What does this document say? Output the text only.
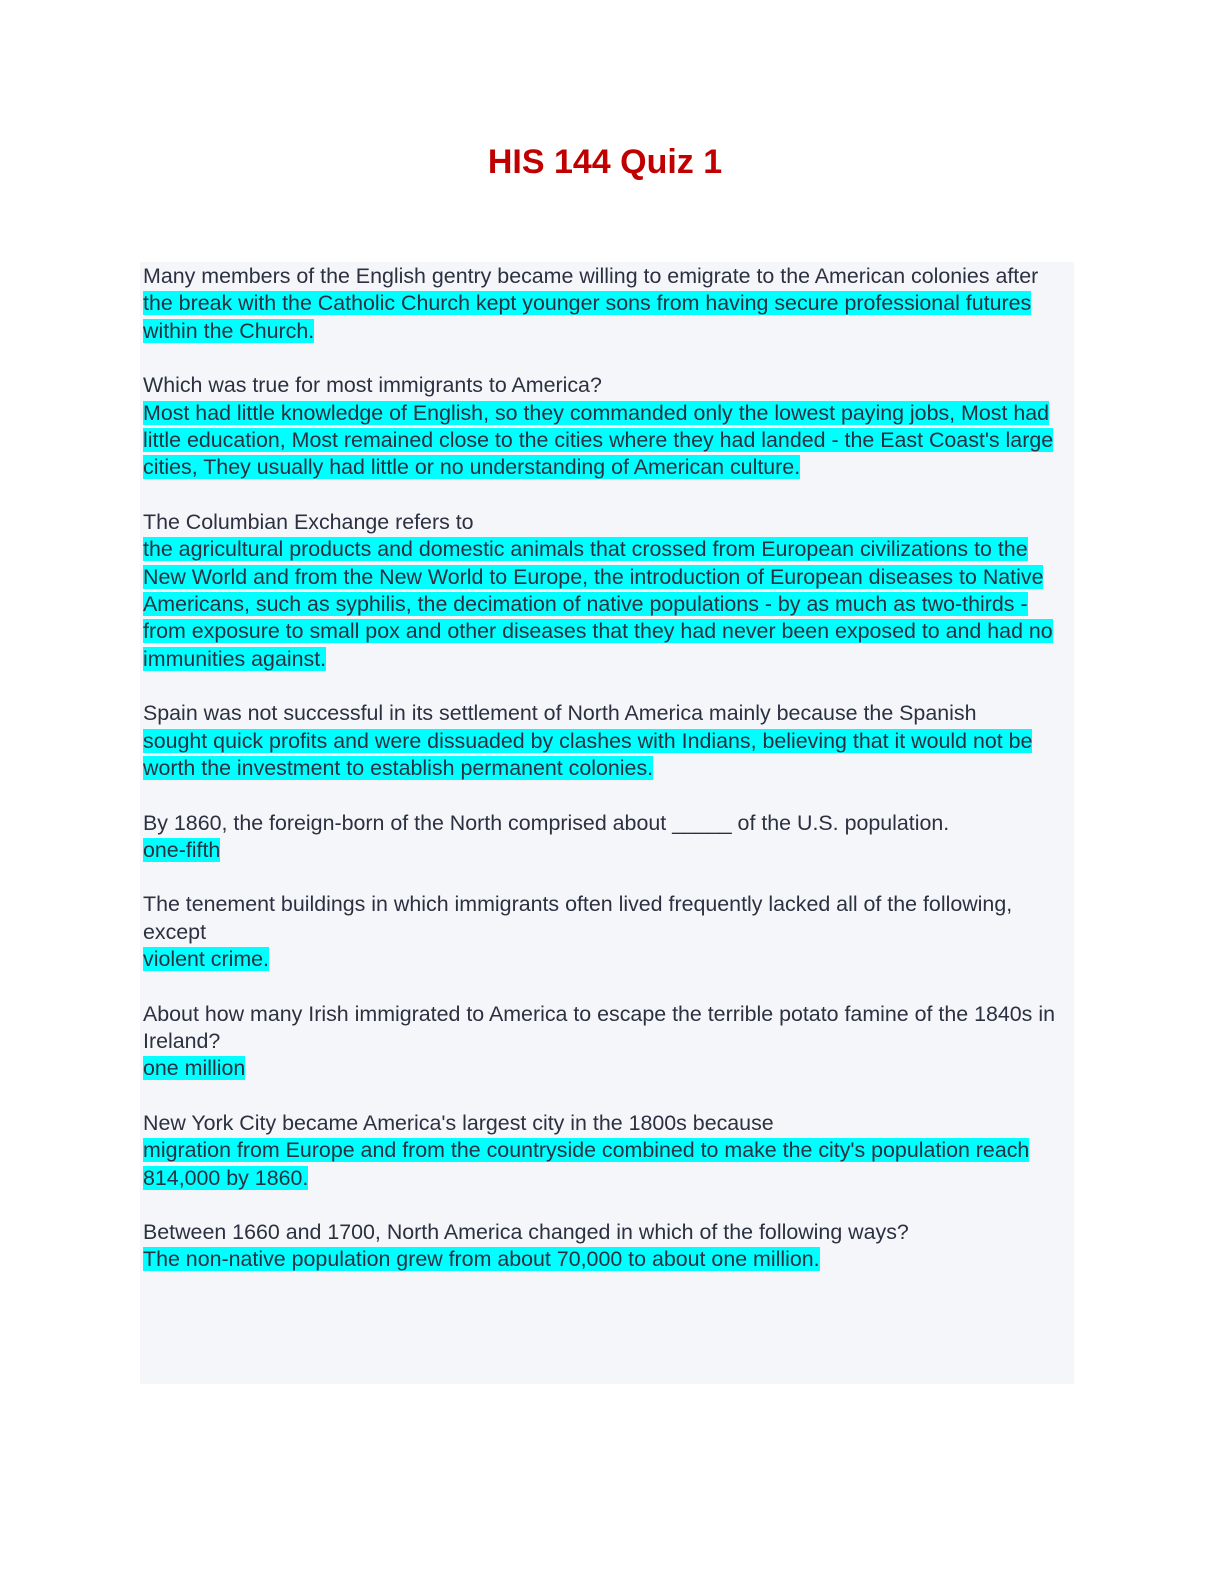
HIS 144 Quiz 1
Many members of the English gentry became willing to emigrate to the American colonies after
the break with the Catholic Church kept younger sons from having secure professional futures within the Church.
Which was true for most immigrants to America?
Most had little knowledge of English, so they commanded only the lowest paying jobs, Most had little education, Most remained close to the cities where they had landed - the East Coast's large cities, They usually had little or no understanding of American culture.
The Columbian Exchange refers to
the agricultural products and domestic animals that crossed from European civilizations to the New World and from the New World to Europe, the introduction of European diseases to Native Americans, such as syphilis, the decimation of native populations - by as much as two-thirds - from exposure to small pox and other diseases that they had never been exposed to and had no immunities against.
Spain was not successful in its settlement of North America mainly because the Spanish
sought quick profits and were dissuaded by clashes with Indians, believing that it would not be worth the investment to establish permanent colonies.
By 1860, the foreign-born of the North comprised about _____ of the U.S. population.
one-fifth
The tenement buildings in which immigrants often lived frequently lacked all of the following, except
violent crime.
About how many Irish immigrated to America to escape the terrible potato famine of the 1840s in Ireland?
one million
New York City became America's largest city in the 1800s because
migration from Europe and from the countryside combined to make the city's population reach 814,000 by 1860.
Between 1660 and 1700, North America changed in which of the following ways?
The non-native population grew from about 70,000 to about one million.
